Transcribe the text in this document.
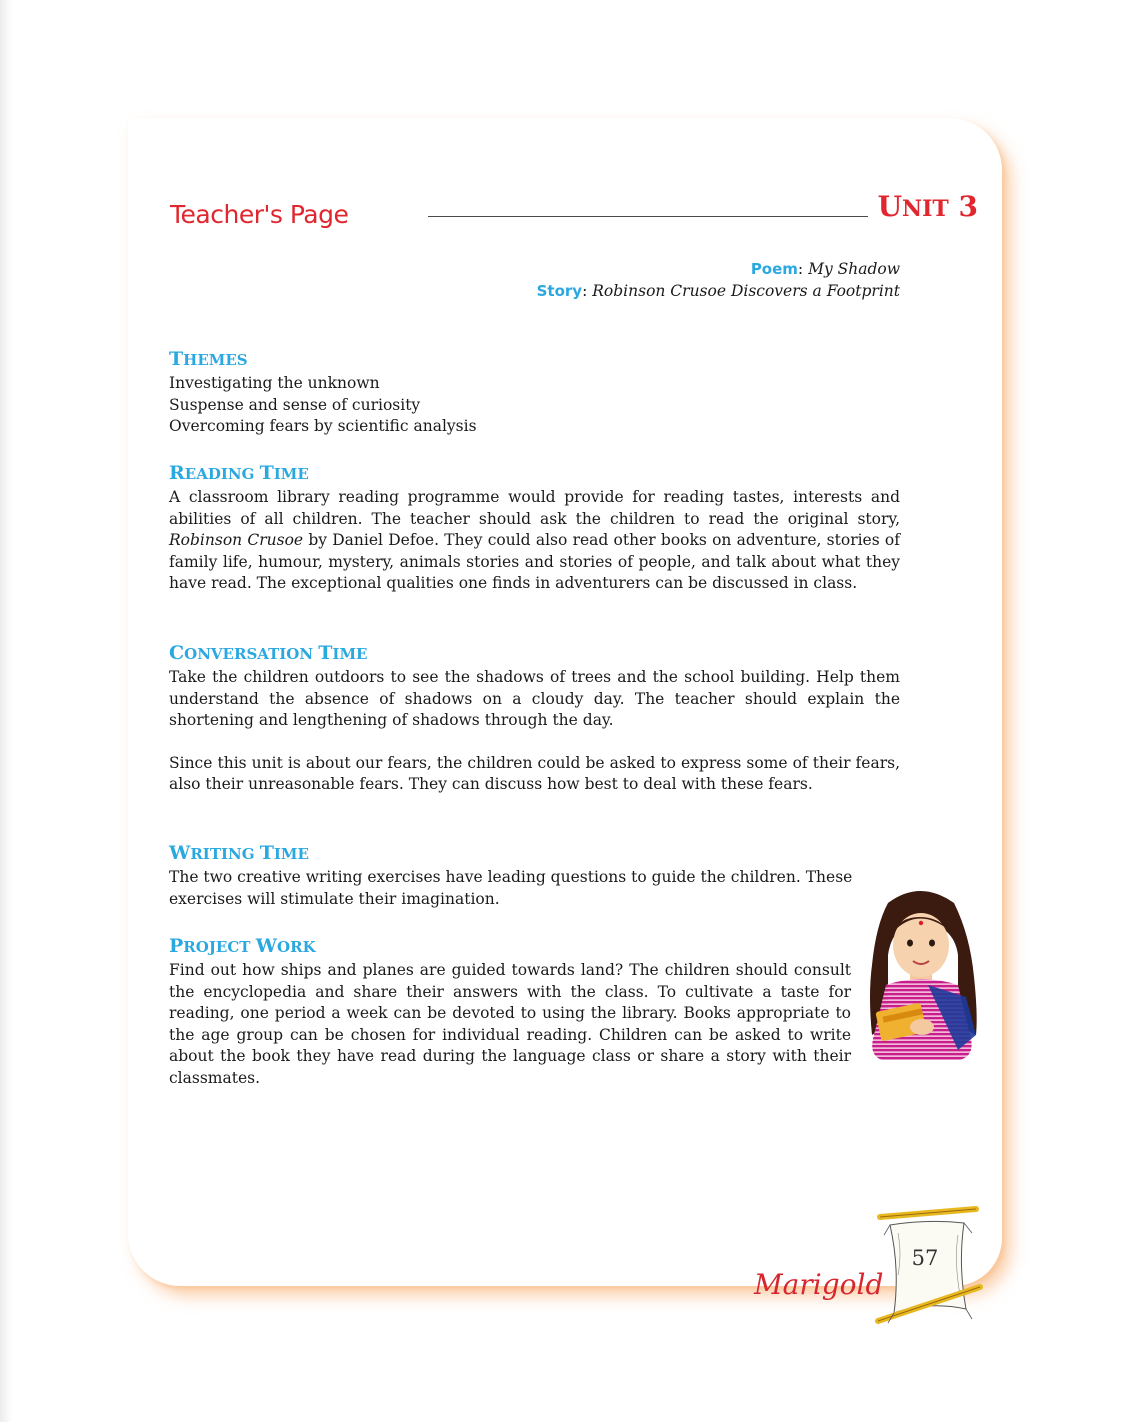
Teacher's Page	UNIT 3
Poem: My Shadow
Story: Robinson Crusoe Discovers a Footprint
THEMES
Investigating the unknown
Suspense and sense of curiosity
Overcoming fears by scientific analysis
READING TIME

A classroom library reading programme would provide for reading tastes, interests and abilities of all children. The teacher should ask the children to read the original story, Robinson Crusoe by Daniel Defoe. They could also read other books on adventure, stories of family life, humour, mystery, animals stories and stories of people, and talk about what they have read. The exceptional qualities one finds in adventurers can be discussed in class.

CONVERSATION TIME

Take the children outdoors to see the shadows of trees and the school building. Help them understand the absence of shadows on a cloudy day. The teacher should explain the shortening and lengthening of shadows through the day.

Since this unit is about our fears, the children could be asked to express some of their fears, also their unreasonable fears. They can discuss how best to deal with these fears.

WRITING TIME

The two creative writing exercises have leading questions to guide the children. These exercises will stimulate their imagination.

PROJECT WORK

Find out how ships and planes are guided towards land? The children should consult the encyclopedia and share their answers with the class. To cultivate a taste for reading, one period a week can be devoted to using the library. Books appropriate to the age group can be chosen for individual reading. Children can be asked to write about the book they have read during the language class or share a story with their classmates.

57
Marigold
